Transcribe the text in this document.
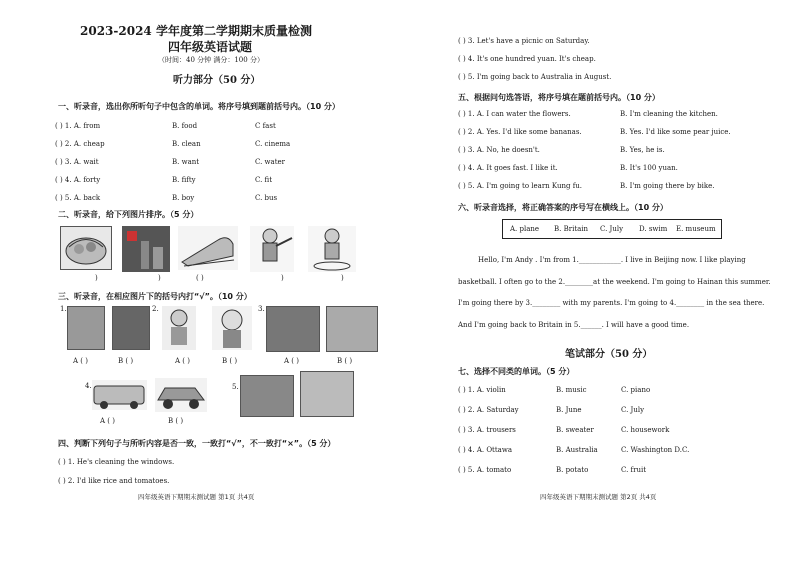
2023-2024 学年度第二学期期末质量检测
四年级英语试题
（时间：40 分钟 满分：100 分）
听力部分（50 分）
一、听录音，选出你所听句子中包含的单词。将序号填到题前括号内。（10 分）
( ) 1. A. from	B. food	C fast
( ) 2. A. cheap	B. clean	C. cinema
( ) 3. A. wait	B. want	C. water
( ) 4. A. forty	B. fifty	C. fit
( ) 5. A. back	B. boy	C. bus
二、听录音，给下列图片排序。（5 分）
)	)	( )	)	)
三、听录音，在相应图片下的括号内打“√”。（10 分）
1.	2.	3.
A ( )	B ( )	A ( )	B ( )	A ( )	B ( )
4.	5.
A ( )	B ( )
四、判断下列句子与所听内容是否一致，一致打“√”，不一致打“×”。（5 分）
( ) 1. He's cleaning the windows.
( ) 2. I'd like rice and tomatoes.
四年级英语下期期末测试题 第1页 共4页
( ) 3. Let's have a picnic on Saturday.
( ) 4. It's one hundred yuan. It's cheap.
( ) 5. I'm going back to Australia in August.
五、根据问句选答语，将序号填在题前括号内。（10 分）
( ) 1. A. I can water the flowers.	B. I'm cleaning the kitchen.
( ) 2. A. Yes. I'd like some bananas.	B. Yes. I'd like some pear juice.
( ) 3. A. No, he doesn't.	B. Yes, he is.
( ) 4. A. It goes fast. I like it.	B. It's 100 yuan.
( ) 5. A. I'm going to learn Kung fu.	B. I'm going there by bike.
六、听录音选择，将正确答案的序号写在横线上。（10 分）
A. plane B. Britain C. July D. swim E. museum
Hello, I'm Andy . I'm from 1.____________. I live in Beijing now. I like playing
basketball. I often go to the 2.________at the weekend. I'm going to Hainan this summer.
I'm going there by 3.________ with my parents. I'm going to 4.________ in the sea there.
And I'm going back to Britain in 5.______. I will have a good time.
笔试部分（50 分）
七、选择不同类的单词。（5 分）
( ) 1. A. violin	B. music	C. piano
( ) 2. A. Saturday	B. June	C. July
( ) 3. A. trousers	B. sweater	C. housework
( ) 4. A. Ottawa	B. Australia	C. Washington D.C.
( ) 5. A. tomato	B. potato	C. fruit
四年级英语下期期末测试题 第2页 共4页
